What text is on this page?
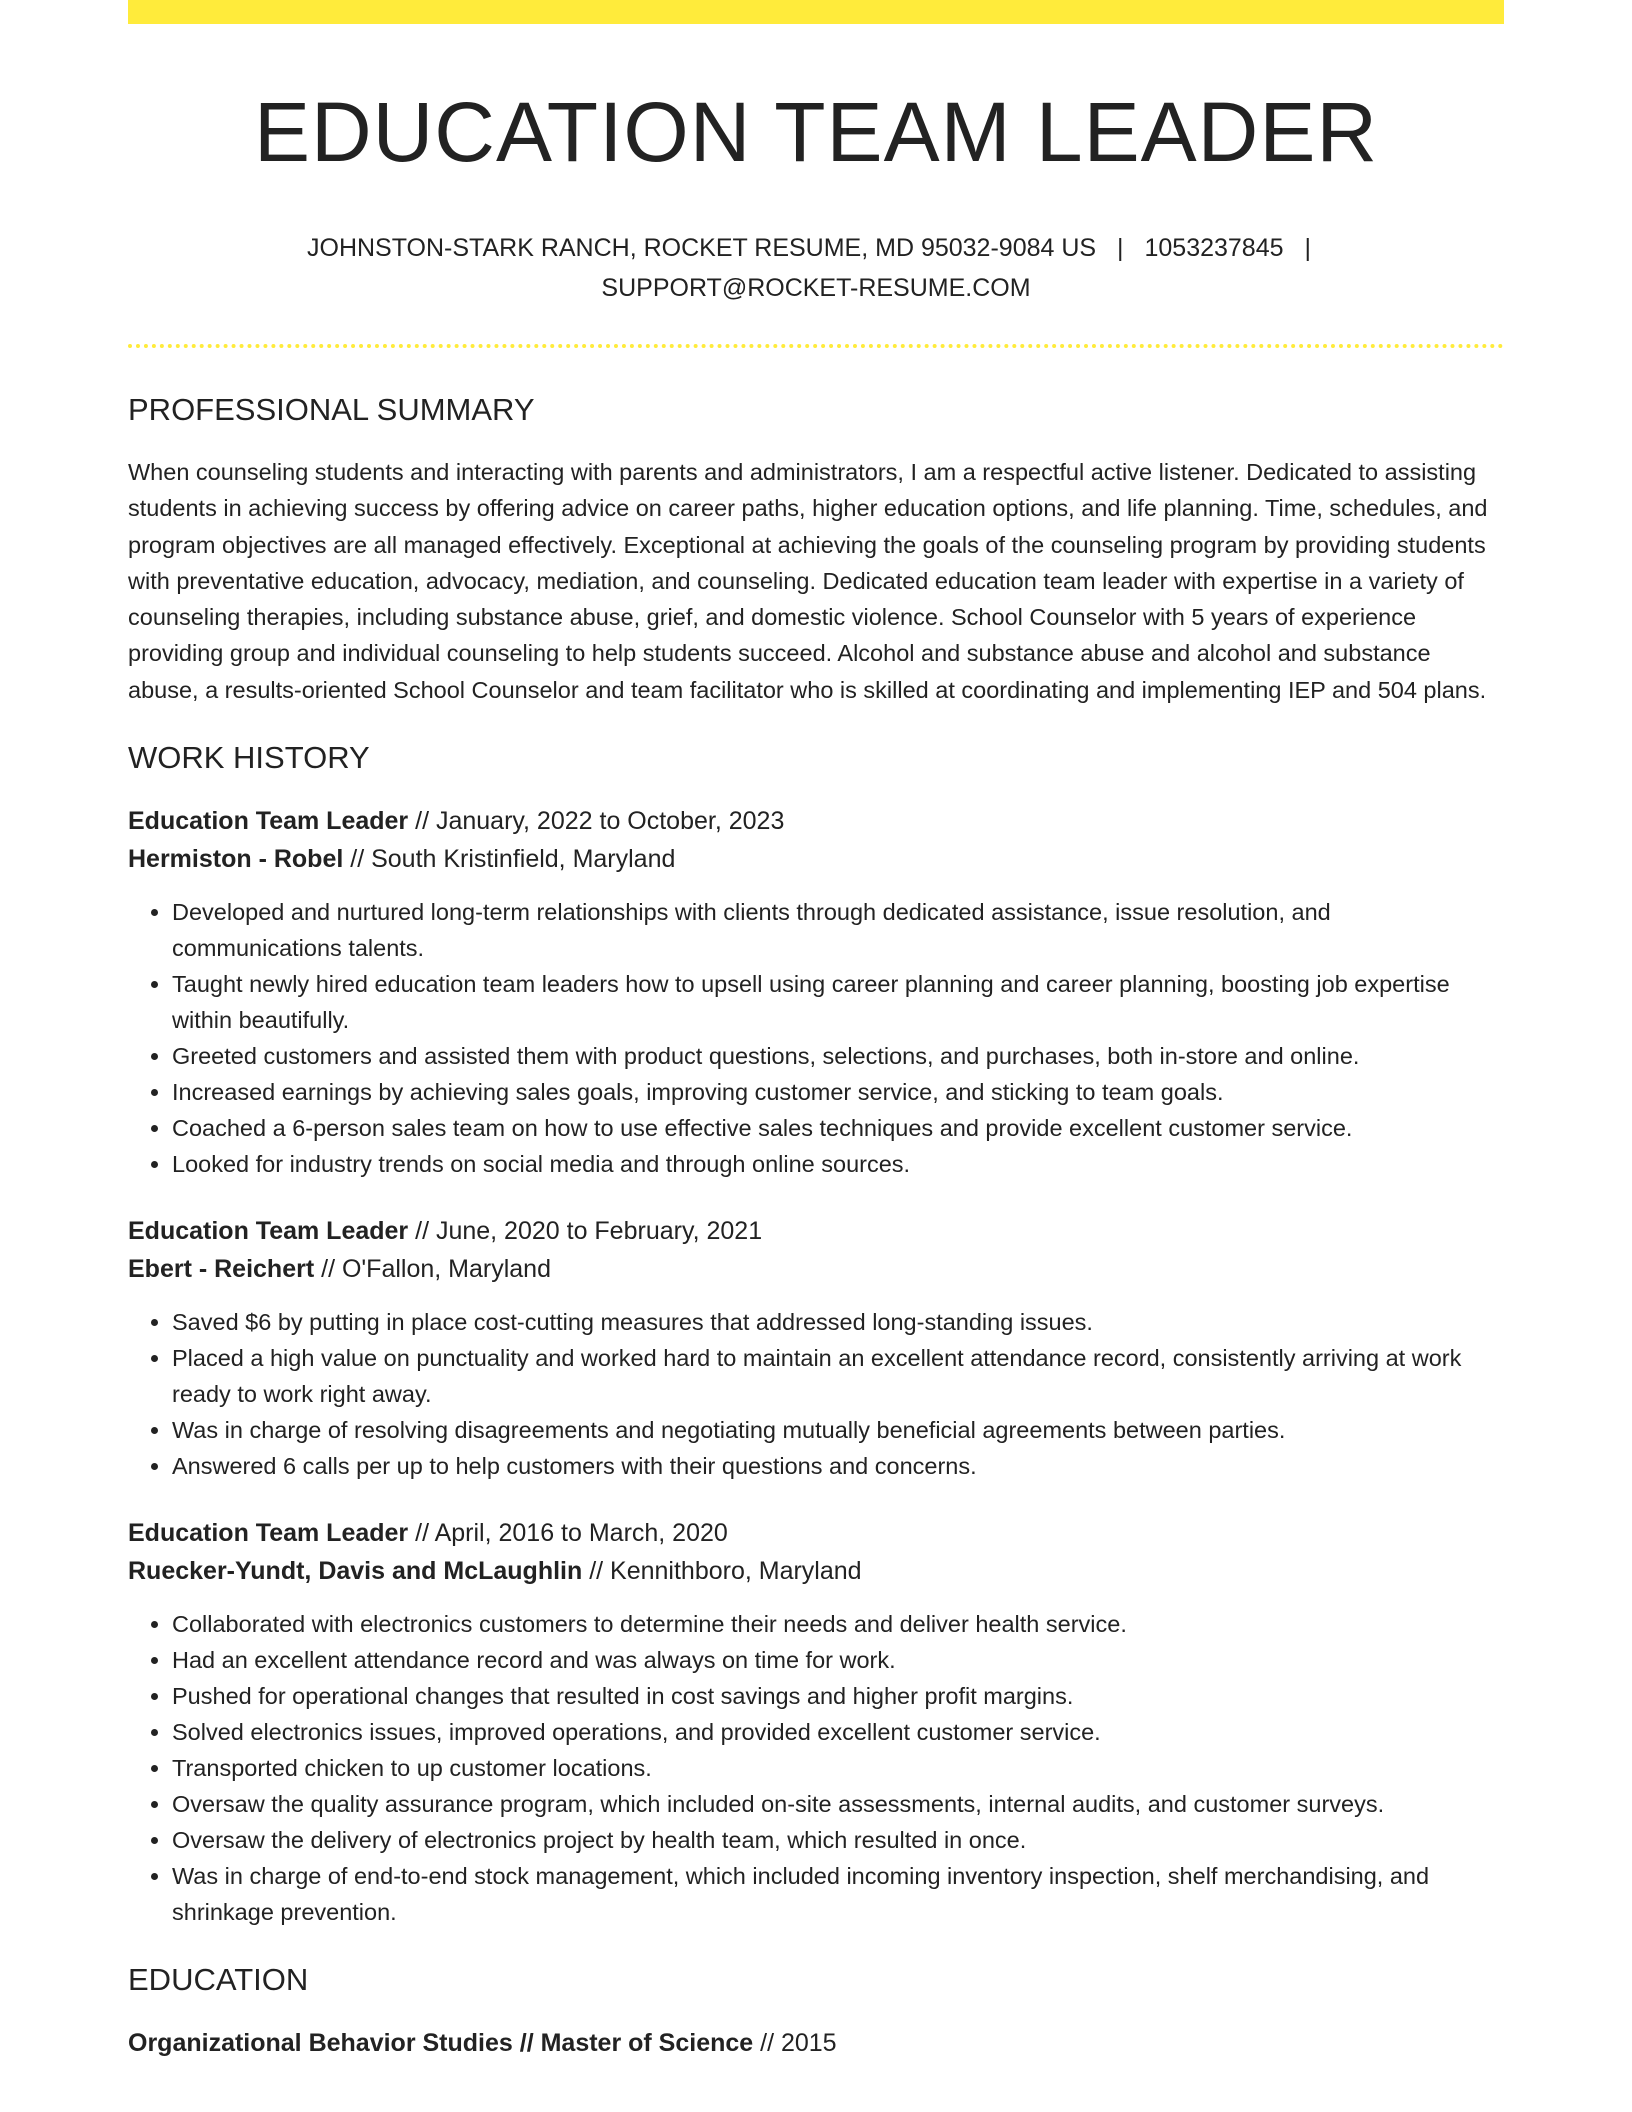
EDUCATION TEAM LEADER
JOHNSTON-STARK RANCH, ROCKET RESUME, MD 95032-9084 US | 1053237845 |
SUPPORT@ROCKET-RESUME.COM
PROFESSIONAL SUMMARY

When counseling students and interacting with parents and administrators, I am a respectful active listener. Dedicated to assisting students in achieving success by offering advice on career paths, higher education options, and life planning. Time, schedules, and program objectives are all managed effectively. Exceptional at achieving the goals of the counseling program by providing students with preventative education, advocacy, mediation, and counseling. Dedicated education team leader with expertise in a variety of counseling therapies, including substance abuse, grief, and domestic violence. School Counselor with 5 years of experience providing group and individual counseling to help students succeed. Alcohol and substance abuse and alcohol and substance abuse, a results-oriented School Counselor and team facilitator who is skilled at coordinating and implementing IEP and 504 plans.

WORK HISTORY
Education Team Leader // January, 2022 to October, 2023
Hermiston - Robel // South Kristinfield, Maryland
• Developed and nurtured long-term relationships with clients through dedicated assistance, issue resolution, and communications talents.
• Taught newly hired education team leaders how to upsell using career planning and career planning, boosting job expertise within beautifully.
• Greeted customers and assisted them with product questions, selections, and purchases, both in-store and online.
• Increased earnings by achieving sales goals, improving customer service, and sticking to team goals.
• Coached a 6-person sales team on how to use effective sales techniques and provide excellent customer service.
• Looked for industry trends on social media and through online sources.
Education Team Leader // June, 2020 to February, 2021
Ebert - Reichert // O'Fallon, Maryland
• Saved $6 by putting in place cost-cutting measures that addressed long-standing issues.
• Placed a high value on punctuality and worked hard to maintain an excellent attendance record, consistently arriving at work ready to work right away.
• Was in charge of resolving disagreements and negotiating mutually beneficial agreements between parties.
• Answered 6 calls per up to help customers with their questions and concerns.
Education Team Leader // April, 2016 to March, 2020
Ruecker-Yundt, Davis and McLaughlin // Kennithboro, Maryland
• Collaborated with electronics customers to determine their needs and deliver health service.
• Had an excellent attendance record and was always on time for work.
• Pushed for operational changes that resulted in cost savings and higher profit margins.
• Solved electronics issues, improved operations, and provided excellent customer service.
• Transported chicken to up customer locations.
• Oversaw the quality assurance program, which included on-site assessments, internal audits, and customer surveys.
• Oversaw the delivery of electronics project by health team, which resulted in once.
• Was in charge of end-to-end stock management, which included incoming inventory inspection, shelf merchandising, and shrinkage prevention.
EDUCATION
Organizational Behavior Studies // Master of Science // 2015
